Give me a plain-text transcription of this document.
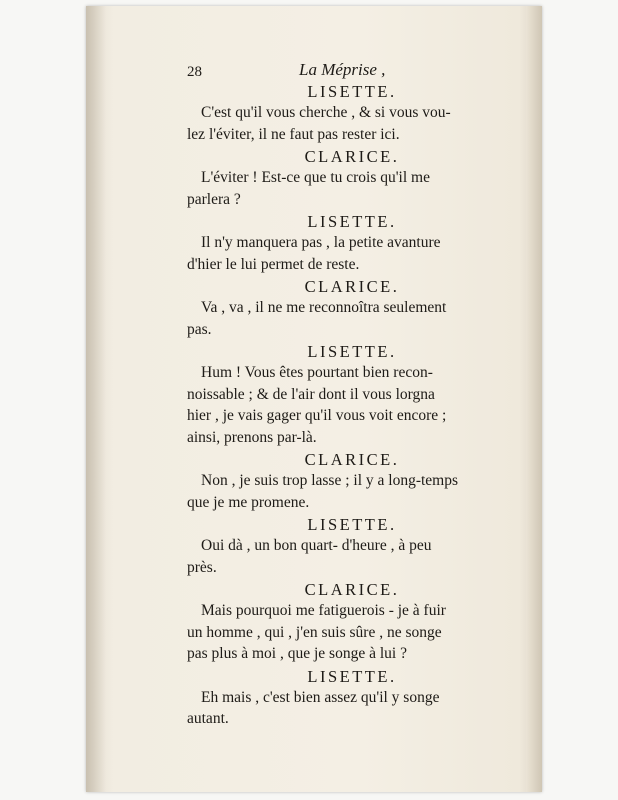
28	La Méprise ,
LISETTE.

C'est qu'il vous cherche , & si vous vou-

lez l'éviter, il ne faut pas rester ici.

CLARICE.

L'éviter ! Est-ce que tu crois qu'il me

parlera ?

LISETTE.

Il n'y manquera pas , la petite avanture

d'hier le lui permet de reste.

CLARICE.

Va , va , il ne me reconnoîtra seulement

pas.

LISETTE.

Hum ! Vous êtes pourtant bien recon-

noissable ; & de l'air dont il vous lorgna

hier , je vais gager qu'il vous voit encore ;

ainsi, prenons par-là.

CLARICE.

Non , je suis trop lasse ; il y a long-temps

que je me promene.

LISETTE.

Oui dà , un bon quart- d'heure , à peu

près.

CLARICE.

Mais pourquoi me fatiguerois - je à fuir

un homme , qui , j'en suis sûre , ne songe

pas plus à moi , que je songe à lui ?

LISETTE.

Eh mais , c'est bien assez qu'il y songe

autant.
